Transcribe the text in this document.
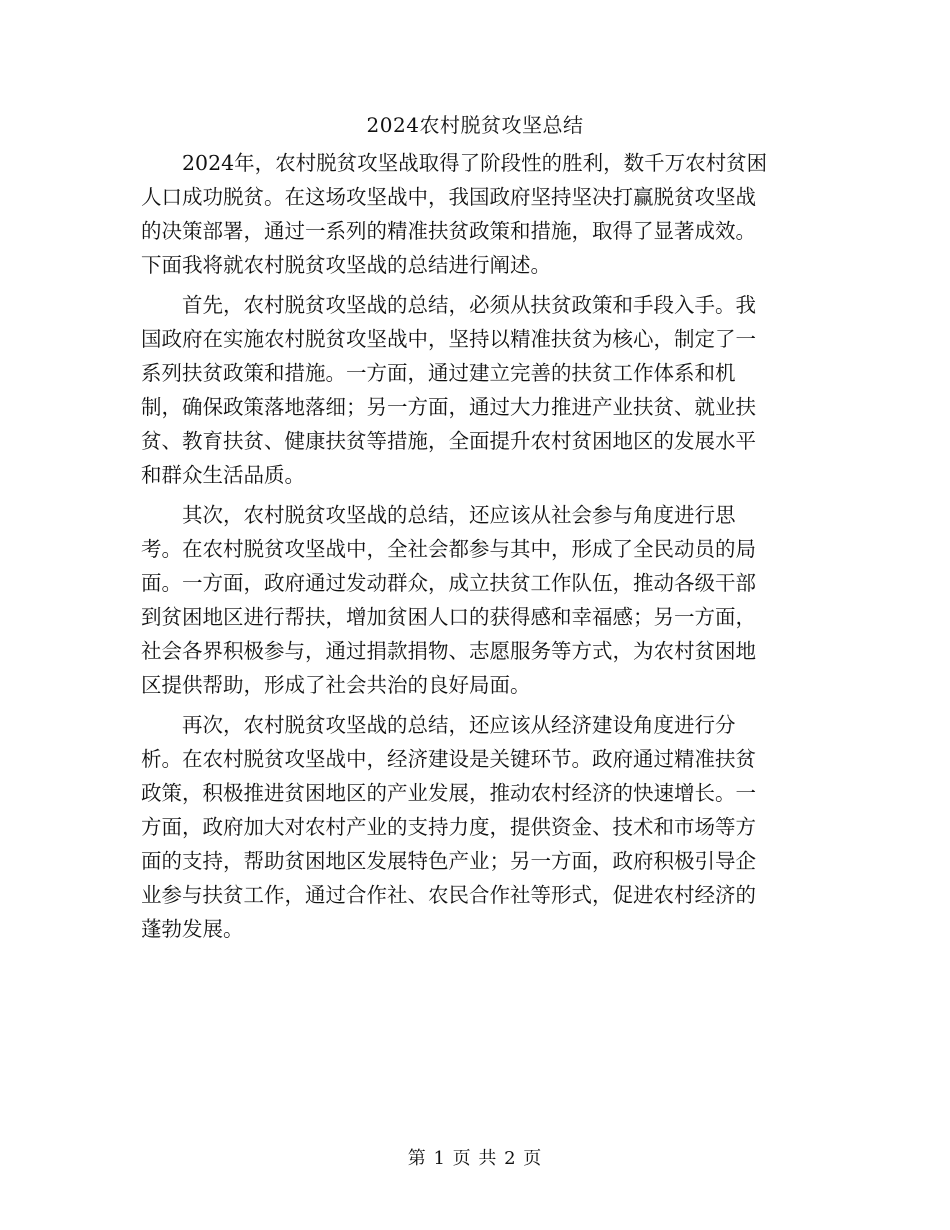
2024农村脱贫攻坚总结
2024年，农村脱贫攻坚战取得了阶段性的胜利，数千万农村贫困
人口成功脱贫。在这场攻坚战中，我国政府坚持坚决打赢脱贫攻坚战
的决策部署，通过一系列的精准扶贫政策和措施，取得了显著成效。
下面我将就农村脱贫攻坚战的总结进行阐述。
首先，农村脱贫攻坚战的总结，必须从扶贫政策和手段入手。我
国政府在实施农村脱贫攻坚战中，坚持以精准扶贫为核心，制定了一
系列扶贫政策和措施。一方面，通过建立完善的扶贫工作体系和机
制，确保政策落地落细；另一方面，通过大力推进产业扶贫、就业扶
贫、教育扶贫、健康扶贫等措施，全面提升农村贫困地区的发展水平
和群众生活品质。
其次，农村脱贫攻坚战的总结，还应该从社会参与角度进行思
考。在农村脱贫攻坚战中，全社会都参与其中，形成了全民动员的局
面。一方面，政府通过发动群众，成立扶贫工作队伍，推动各级干部
到贫困地区进行帮扶，增加贫困人口的获得感和幸福感；另一方面，
社会各界积极参与，通过捐款捐物、志愿服务等方式，为农村贫困地
区提供帮助，形成了社会共治的良好局面。
再次，农村脱贫攻坚战的总结，还应该从经济建设角度进行分
析。在农村脱贫攻坚战中，经济建设是关键环节。政府通过精准扶贫
政策，积极推进贫困地区的产业发展，推动农村经济的快速增长。一
方面，政府加大对农村产业的支持力度，提供资金、技术和市场等方
面的支持，帮助贫困地区发展特色产业；另一方面，政府积极引导企
业参与扶贫工作，通过合作社、农民合作社等形式，促进农村经济的
蓬勃发展。
第 1 页 共 2 页
